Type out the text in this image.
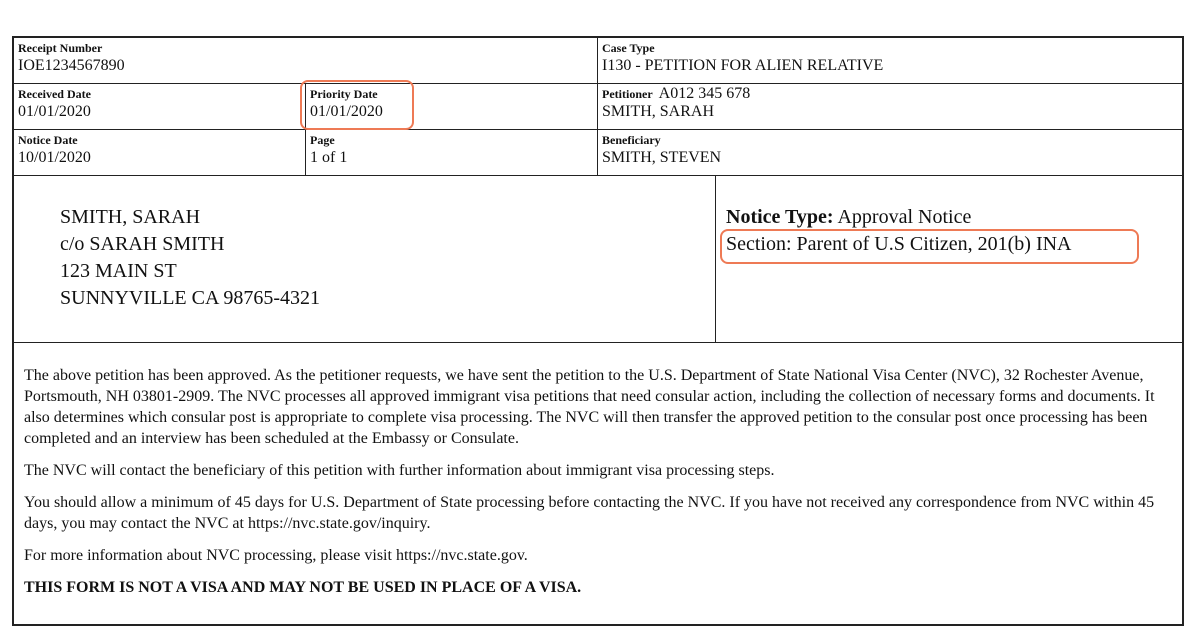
Receipt Number
IOE1234567890
Case Type
I130 - PETITION FOR ALIEN RELATIVE
Received Date
01/01/2020
Priority Date
01/01/2020
Petitioner A012 345 678
SMITH, SARAH
Notice Date
10/01/2020
Page
1 of 1
Beneficiary
SMITH, STEVEN
SMITH, SARAH
c/o SARAH SMITH
123 MAIN ST
SUNNYVILLE CA 98765-4321
Notice Type: Approval Notice
Section: Parent of U.S Citizen, 201(b) INA

The above petition has been approved. As the petitioner requests, we have sent the petition to the U.S. Department of State National Visa Center (NVC), 32 Rochester Avenue, Portsmouth, NH 03801-2909. The NVC processes all approved immigrant visa petitions that need consular action, including the collection of necessary forms and documents. It also determines which consular post is appropriate to complete visa processing. The NVC will then transfer the approved petition to the consular post once processing has been completed and an interview has been scheduled at the Embassy or Consulate.

The NVC will contact the beneficiary of this petition with further information about immigrant visa processing steps.

You should allow a minimum of 45 days for U.S. Department of State processing before contacting the NVC. If you have not received any correspondence from NVC within 45 days, you may contact the NVC at https://nvc.state.gov/inquiry.

For more information about NVC processing, please visit https://nvc.state.gov.

THIS FORM IS NOT A VISA AND MAY NOT BE USED IN PLACE OF A VISA.
